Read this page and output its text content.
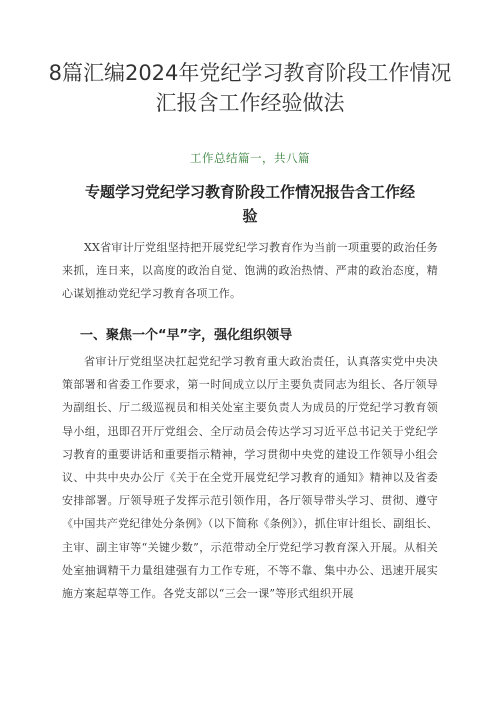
8篇汇编2024年党纪学习教育阶段工作情况汇报含工作经验做法

工作总结篇一，共八篇

专题学习党纪学习教育阶段工作情况报告含工作经验

XX省审计厅党组坚持把开展党纪学习教育作为当前一项重要的政治任务来抓，连日来，以高度的政治自觉、饱满的政治热情、严肃的政治态度，精心谋划推动党纪学习教育各项工作。

一、聚焦一个“早”字，强化组织领导

省审计厅党组坚决扛起党纪学习教育重大政治责任，认真落实党中央决策部署和省委工作要求，第一时间成立以厅主要负责同志为组长、各厅领导为副组长、厅二级巡视员和相关处室主要负责人为成员的厅党纪学习教育领导小组，迅即召开厅党组会、全厅动员会传达学习习近平总书记关于党纪学习教育的重要讲话和重要指示精神，学习贯彻中央党的建设工作领导小组会议、中共中央办公厅《关于在全党开展党纪学习教育的通知》精神以及省委安排部署。厅领导班子发挥示范引领作用，各厅领导带头学习、贯彻、遵守《中国共产党纪律处分条例》（以下简称《条例》），抓住审计组长、副组长、主审、副主审等“关键少数”，示范带动全厅党纪学习教育深入开展。从相关处室抽调精干力量组建强有力工作专班，不等不靠、集中办公、迅速开展实施方案起草等工作。各党支部以“三会一课”等形式组织开展
